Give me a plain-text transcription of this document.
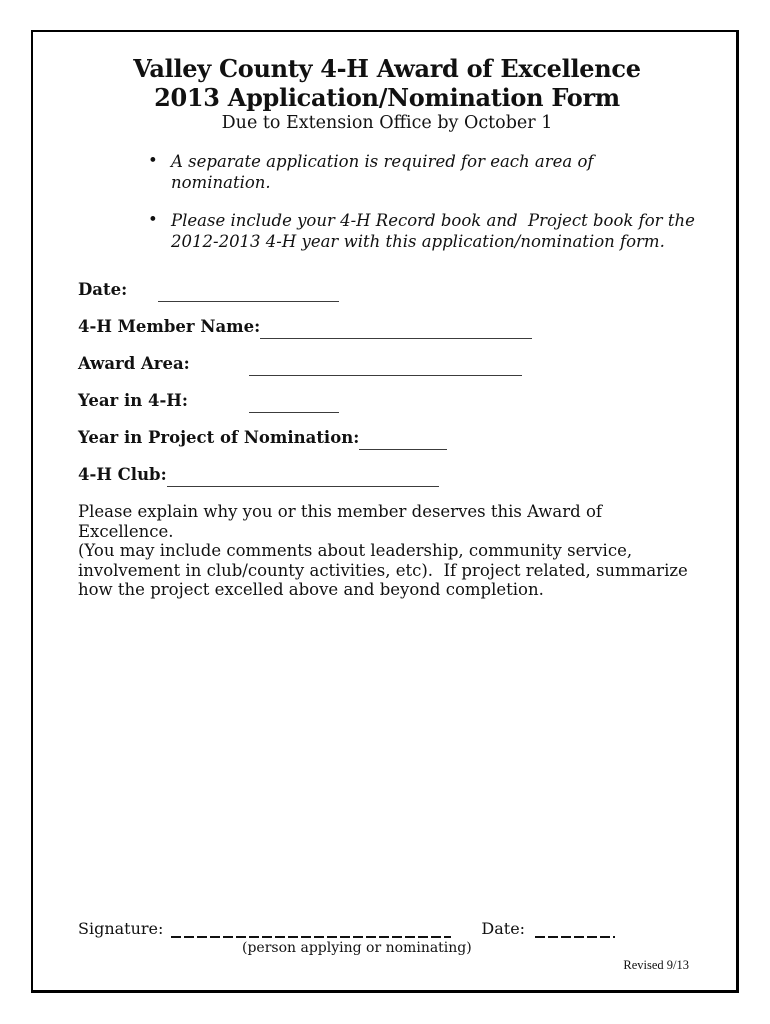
Valley County 4-H Award of Excellence
2013 Application/Nomination Form
Due to Extension Office by October 1
• A separate application is required for each area of nomination.
• Please include your 4-H Record book and  Project book for the
2012-2013 4-H year with this application/nomination form.
Date:
4-H Member Name:
Award Area:
Year in 4-H:
Year in Project of Nomination:
4-H Club:
Please explain why you or this member deserves this Award of Excellence.
(You may include comments about leadership, community service,
involvement in club/county activities, etc).  If project related, summarize
how the project excelled above and beyond completion.
Signature:	Date:
(person applying or nominating)
Revised 9/13
